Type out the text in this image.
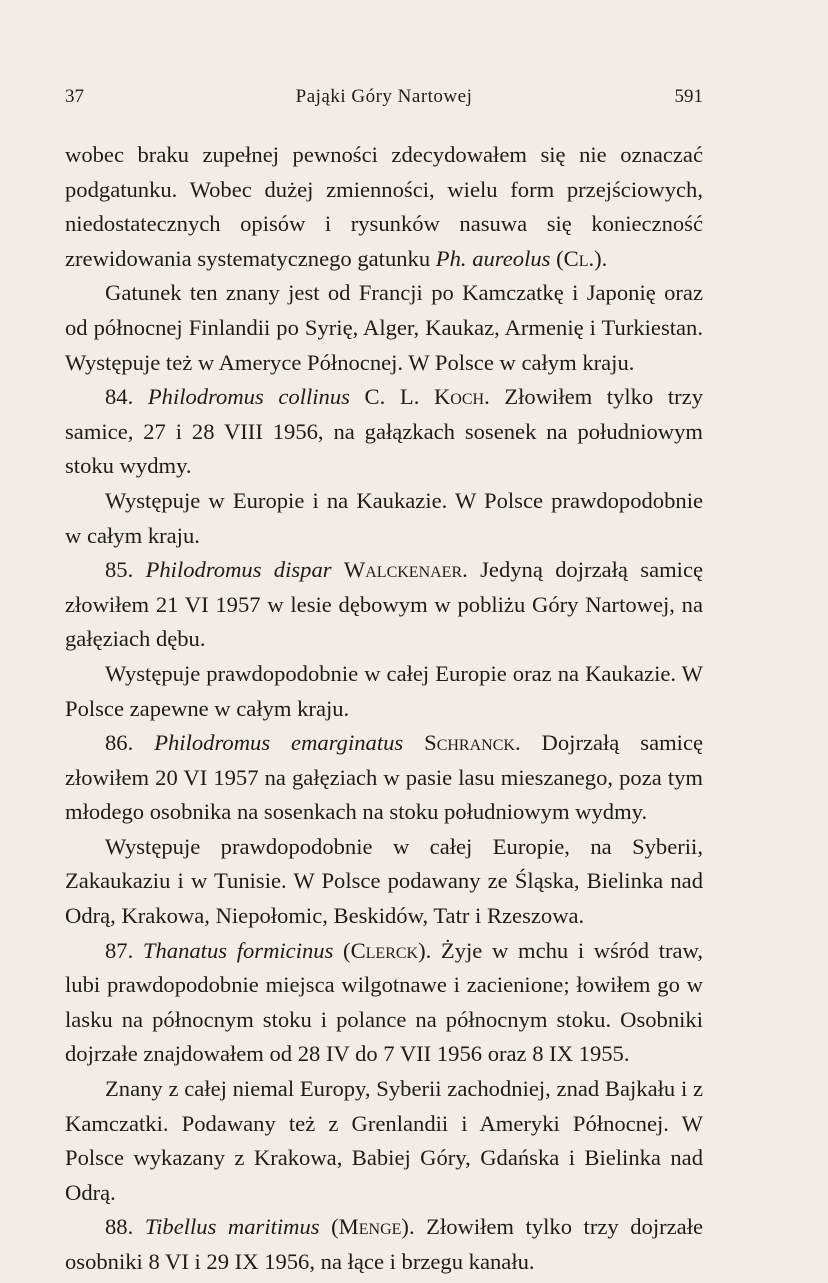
37	Pająki Góry Nartowej	591

wobec braku zupełnej pewności zdecydowałem się nie oznaczać podgatunku. Wobec dużej zmienności, wielu form przejściowych, niedostatecznych opisów i rysunków nasuwa się konieczność zrewidowania systematycznego gatunku Ph. aureolus (Cl.).

Gatunek ten znany jest od Francji po Kamczatkę i Japonię oraz od północnej Finlandii po Syrię, Alger, Kaukaz, Armenię i Turkiestan. Występuje też w Ameryce Północnej. W Polsce w całym kraju.

84. Philodromus collinus C. L. Koch. Złowiłem tylko trzy samice, 27 i 28 VIII 1956, na gałązkach sosenek na południowym stoku wydmy.

Występuje w Europie i na Kaukazie. W Polsce prawdopodobnie w całym kraju.

85. Philodromus dispar Walckenaer. Jedyną dojrzałą samicę złowiłem 21 VI 1957 w lesie dębowym w pobliżu Góry Nartowej, na gałęziach dębu.

Występuje prawdopodobnie w całej Europie oraz na Kaukazie. W Polsce zapewne w całym kraju.

86. Philodromus emarginatus Schranck. Dojrzałą samicę złowiłem 20 VI 1957 na gałęziach w pasie lasu mieszanego, poza tym młodego osobnika na sosenkach na stoku południowym wydmy.

Występuje prawdopodobnie w całej Europie, na Syberii, Zakaukaziu i w Tunisie. W Polsce podawany ze Śląska, Bielinka nad Odrą, Krakowa, Niepołomic, Beskidów, Tatr i Rzeszowa.

87. Thanatus formicinus (Clerck). Żyje w mchu i wśród traw, lubi prawdopodobnie miejsca wilgotnawe i zacienione; łowiłem go w lasku na północnym stoku i polance na północnym stoku. Osobniki dojrzałe znajdowałem od 28 IV do 7 VII 1956 oraz 8 IX 1955.

Znany z całej niemal Europy, Syberii zachodniej, znad Bajkału i z Kamczatki. Podawany też z Grenlandii i Ameryki Północnej. W Polsce wykazany z Krakowa, Babiej Góry, Gdańska i Bielinka nad Odrą.

88. Tibellus maritimus (Menge). Złowiłem tylko trzy dojrzałe osobniki 8 VI i 29 IX 1956, na łące i brzegu kanału.
